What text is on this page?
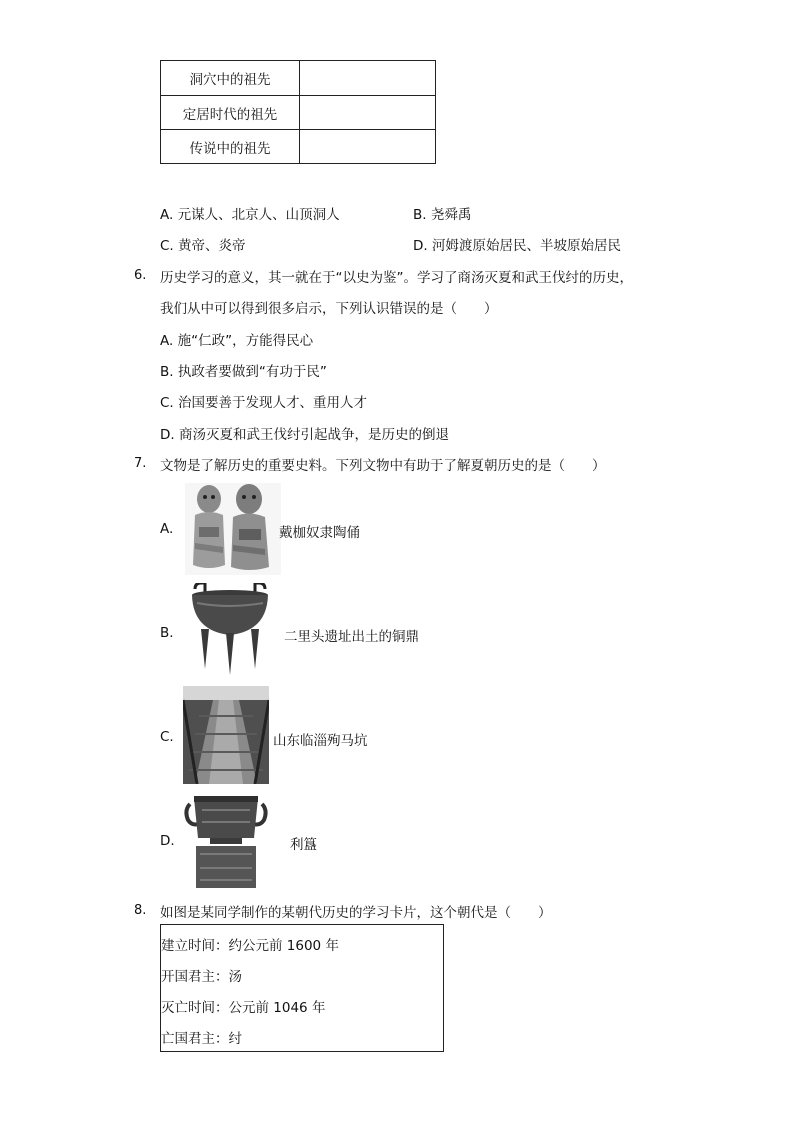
洞穴中的祖先
定居时代的祖先
传说中的祖先
A. 元谋人、北京人、山顶洞人	B. 尧舜禹
C. 黄帝、炎帝	D. 河姆渡原始居民、半坡原始居民
6. 历史学习的意义，其一就在于“以史为鉴”。学习了商汤灭夏和武王伐纣的历史，
我们从中可以得到很多启示，下列认识错误的是（　　）
A. 施“仁政”，方能得民心
B. 执政者要做到“有功于民”
C. 治国要善于发现人才、重用人才
D. 商汤灭夏和武王伐纣引起战争，是历史的倒退
7. 文物是了解历史的重要史料。下列文物中有助于了解夏朝历史的是（　　）
A.	戴枷奴隶陶俑
B.	二里头遗址出土的铜鼎
C.	山东临淄殉马坑
D.	利簋
8. 如图是某同学制作的某朝代历史的学习卡片，这个朝代是（　　）
建立时间：约公元前 1600 年
开国君主：汤
灭亡时间：公元前 1046 年
亡国君主：纣
